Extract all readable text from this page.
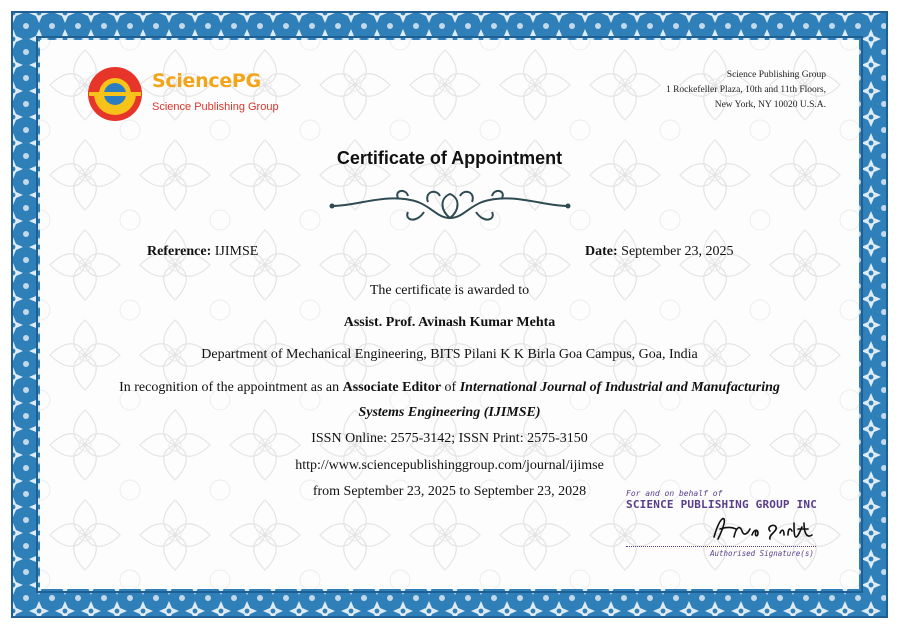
SciencePG
Science Publishing Group
Science Publishing Group
1 Rockefeller Plaza, 10th and 11th Floors,
New York, NY 10020 U.S.A.
Certificate of Appointment
Reference: IJIMSE	Date: September 23, 2025
The certificate is awarded to
Assist. Prof. Avinash Kumar Mehta
Department of Mechanical Engineering, BITS Pilani K K Birla Goa Campus, Goa, India
In recognition of the appointment as an Associate Editor of International Journal of Industrial and Manufacturing
Systems Engineering (IJIMSE)
ISSN Online: 2575-3142; ISSN Print: 2575-3150
http://www.sciencepublishinggroup.com/journal/ijimse
from September 23, 2025 to September 23, 2028	For and on behalf of
SCIENCE PUBLISHING GROUP INC
Authorised Signature(s)
